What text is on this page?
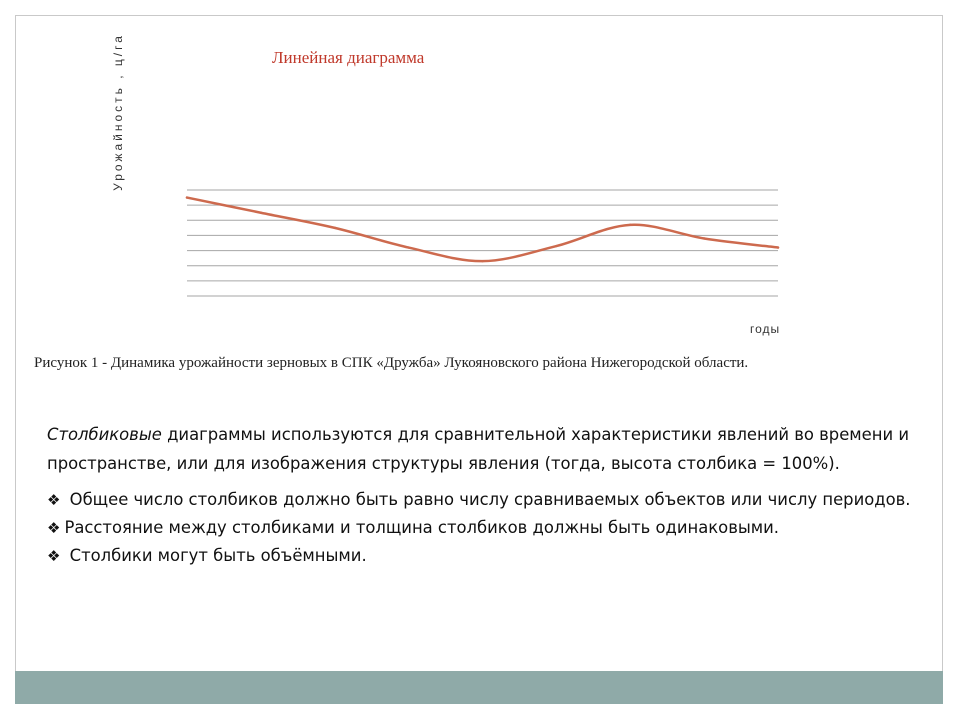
Линейная диаграмма
Урожайность , ц/га
годы
Рисунок 1 - Динамика урожайности зерновых в СПК «Дружба» Лукояновского района Нижегородской области.

Столбиковые диаграммы используются для сравнительной характеристики явлений во времени и пространстве, или для изображения структуры явления (тогда, высота столбика = 100%).

❖ Общее число столбиков должно быть равно числу сравниваемых объектов или числу периодов.

❖ Расстояние между столбиками и толщина столбиков должны быть одинаковыми.

❖ Столбики могут быть объёмными.
